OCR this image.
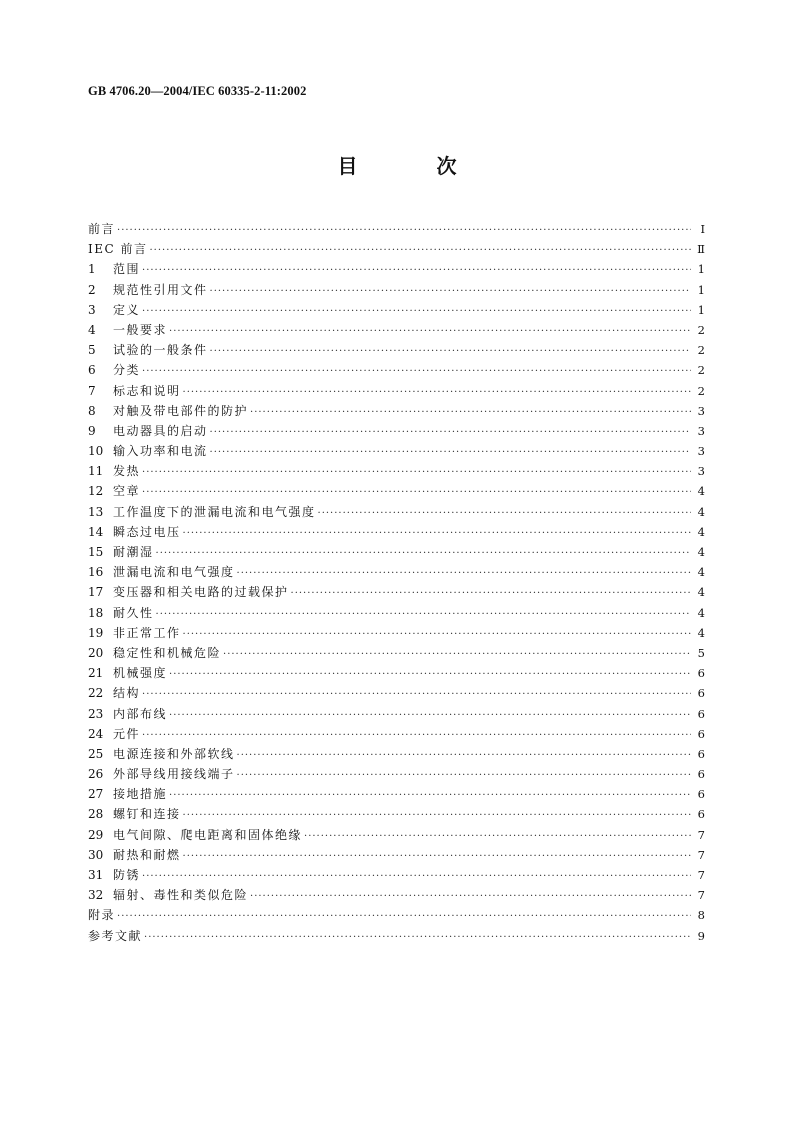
GB 4706.20—2004/IEC 60335-2-11:2002
目 次
前言 ·····	I
IEC 前言 ·····	Ⅱ
1	范围 ·····	1
2	规范性引用文件 ·····	1
3	定义 ·····	1
4	一般要求 ·····	2
5	试验的一般条件 ·····	2
6	分类 ·····	2
7	标志和说明 ·····	2
8	对触及带电部件的防护 ·····	3
9	电动器具的启动 ·····	3
10 输入功率和电流 ·····	3
11 发热 ·····	3
12 空章 ·····	4
13 工作温度下的泄漏电流和电气强度 ·····	4
14 瞬态过电压 ·····	4
15 耐潮湿 ·····	4
16 泄漏电流和电气强度 ·····	4
17 变压器和相关电路的过载保护 ·····	4
18 耐久性 ·····	4
19 非正常工作 ·····	4
20 稳定性和机械危险 ·····	5
21 机械强度 ·····	6
22 结构 ·····	6
23 内部布线 ·····	6
24 元件 ·····	6
25 电源连接和外部软线 ·····	6
26 外部导线用接线端子 ·····	6
27 接地措施 ·····	6
28 螺钉和连接 ·····	6
29 电气间隙、爬电距离和固体绝缘 ·····	7
30 耐热和耐燃 ·····	7
31 防锈 ·····	7
32 辐射、毒性和类似危险 ·····	7
附录 ·····	8
参考文献 ·····	9
